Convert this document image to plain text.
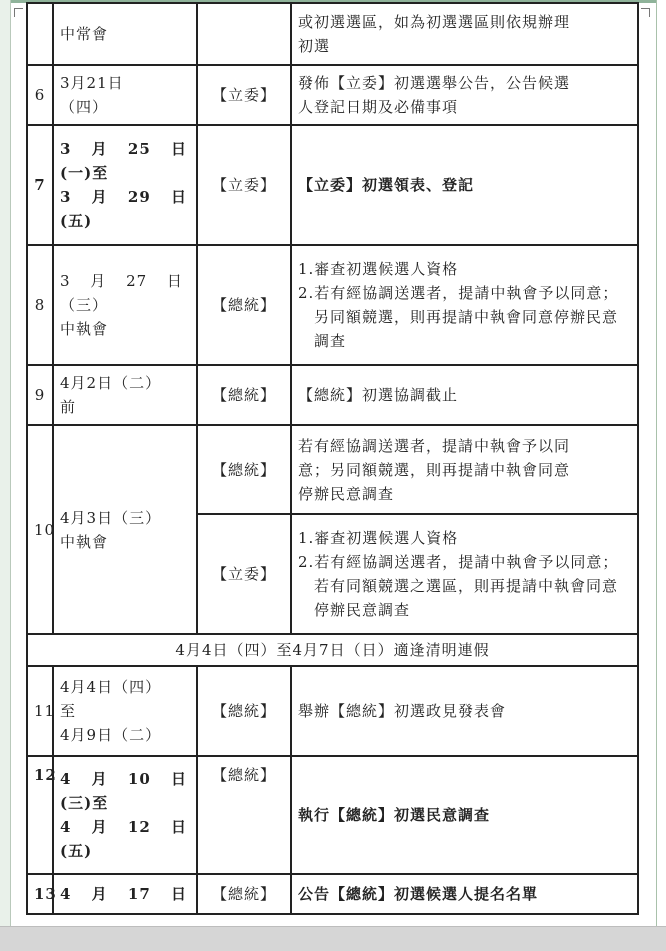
	中常會		或初選選區，如為初選選區則依規辦理
初選

6	3月21日
（四）	【立委】	發佈【立委】初選選舉公告，公告候選
人登記日期及必備事項

7	3 月 25 日
(一)至
3 月 29 日
(五)	【立委】	【立委】初選領表、登記

8	3 月 27 日
（三）
中執會	【總統】	1.審查初選候選人資格
2.若有經協調送選者，提請中執會予以同意；另同額競選，則再提請中執會同意停辦民意調查

9	4月2日（二）
前	【總統】	【總統】初選協調截止

10	4月3日（三）
中執會	【總統】	若有經協調送選者，提請中執會予以同
意；另同額競選，則再提請中執會同意
停辦民意調查

		【立委】	1.審查初選候選人資格
2.若有經協調送選者，提請中執會予以同意；若有同額競選之選區，則再提請中執會同意停辦民意調查

4月4日（四）至4月7日（日）適逢清明連假			
11	4月4日（四）
至
4月9日（二）	【總統】	舉辦【總統】初選政見發表會

12	4 月 10 日
(三)至
4 月 12 日
(五)	【總統】	執行【總統】初選民意調查

13	4 月 17 日	【總統】	公告【總統】初選候選人提名名單
